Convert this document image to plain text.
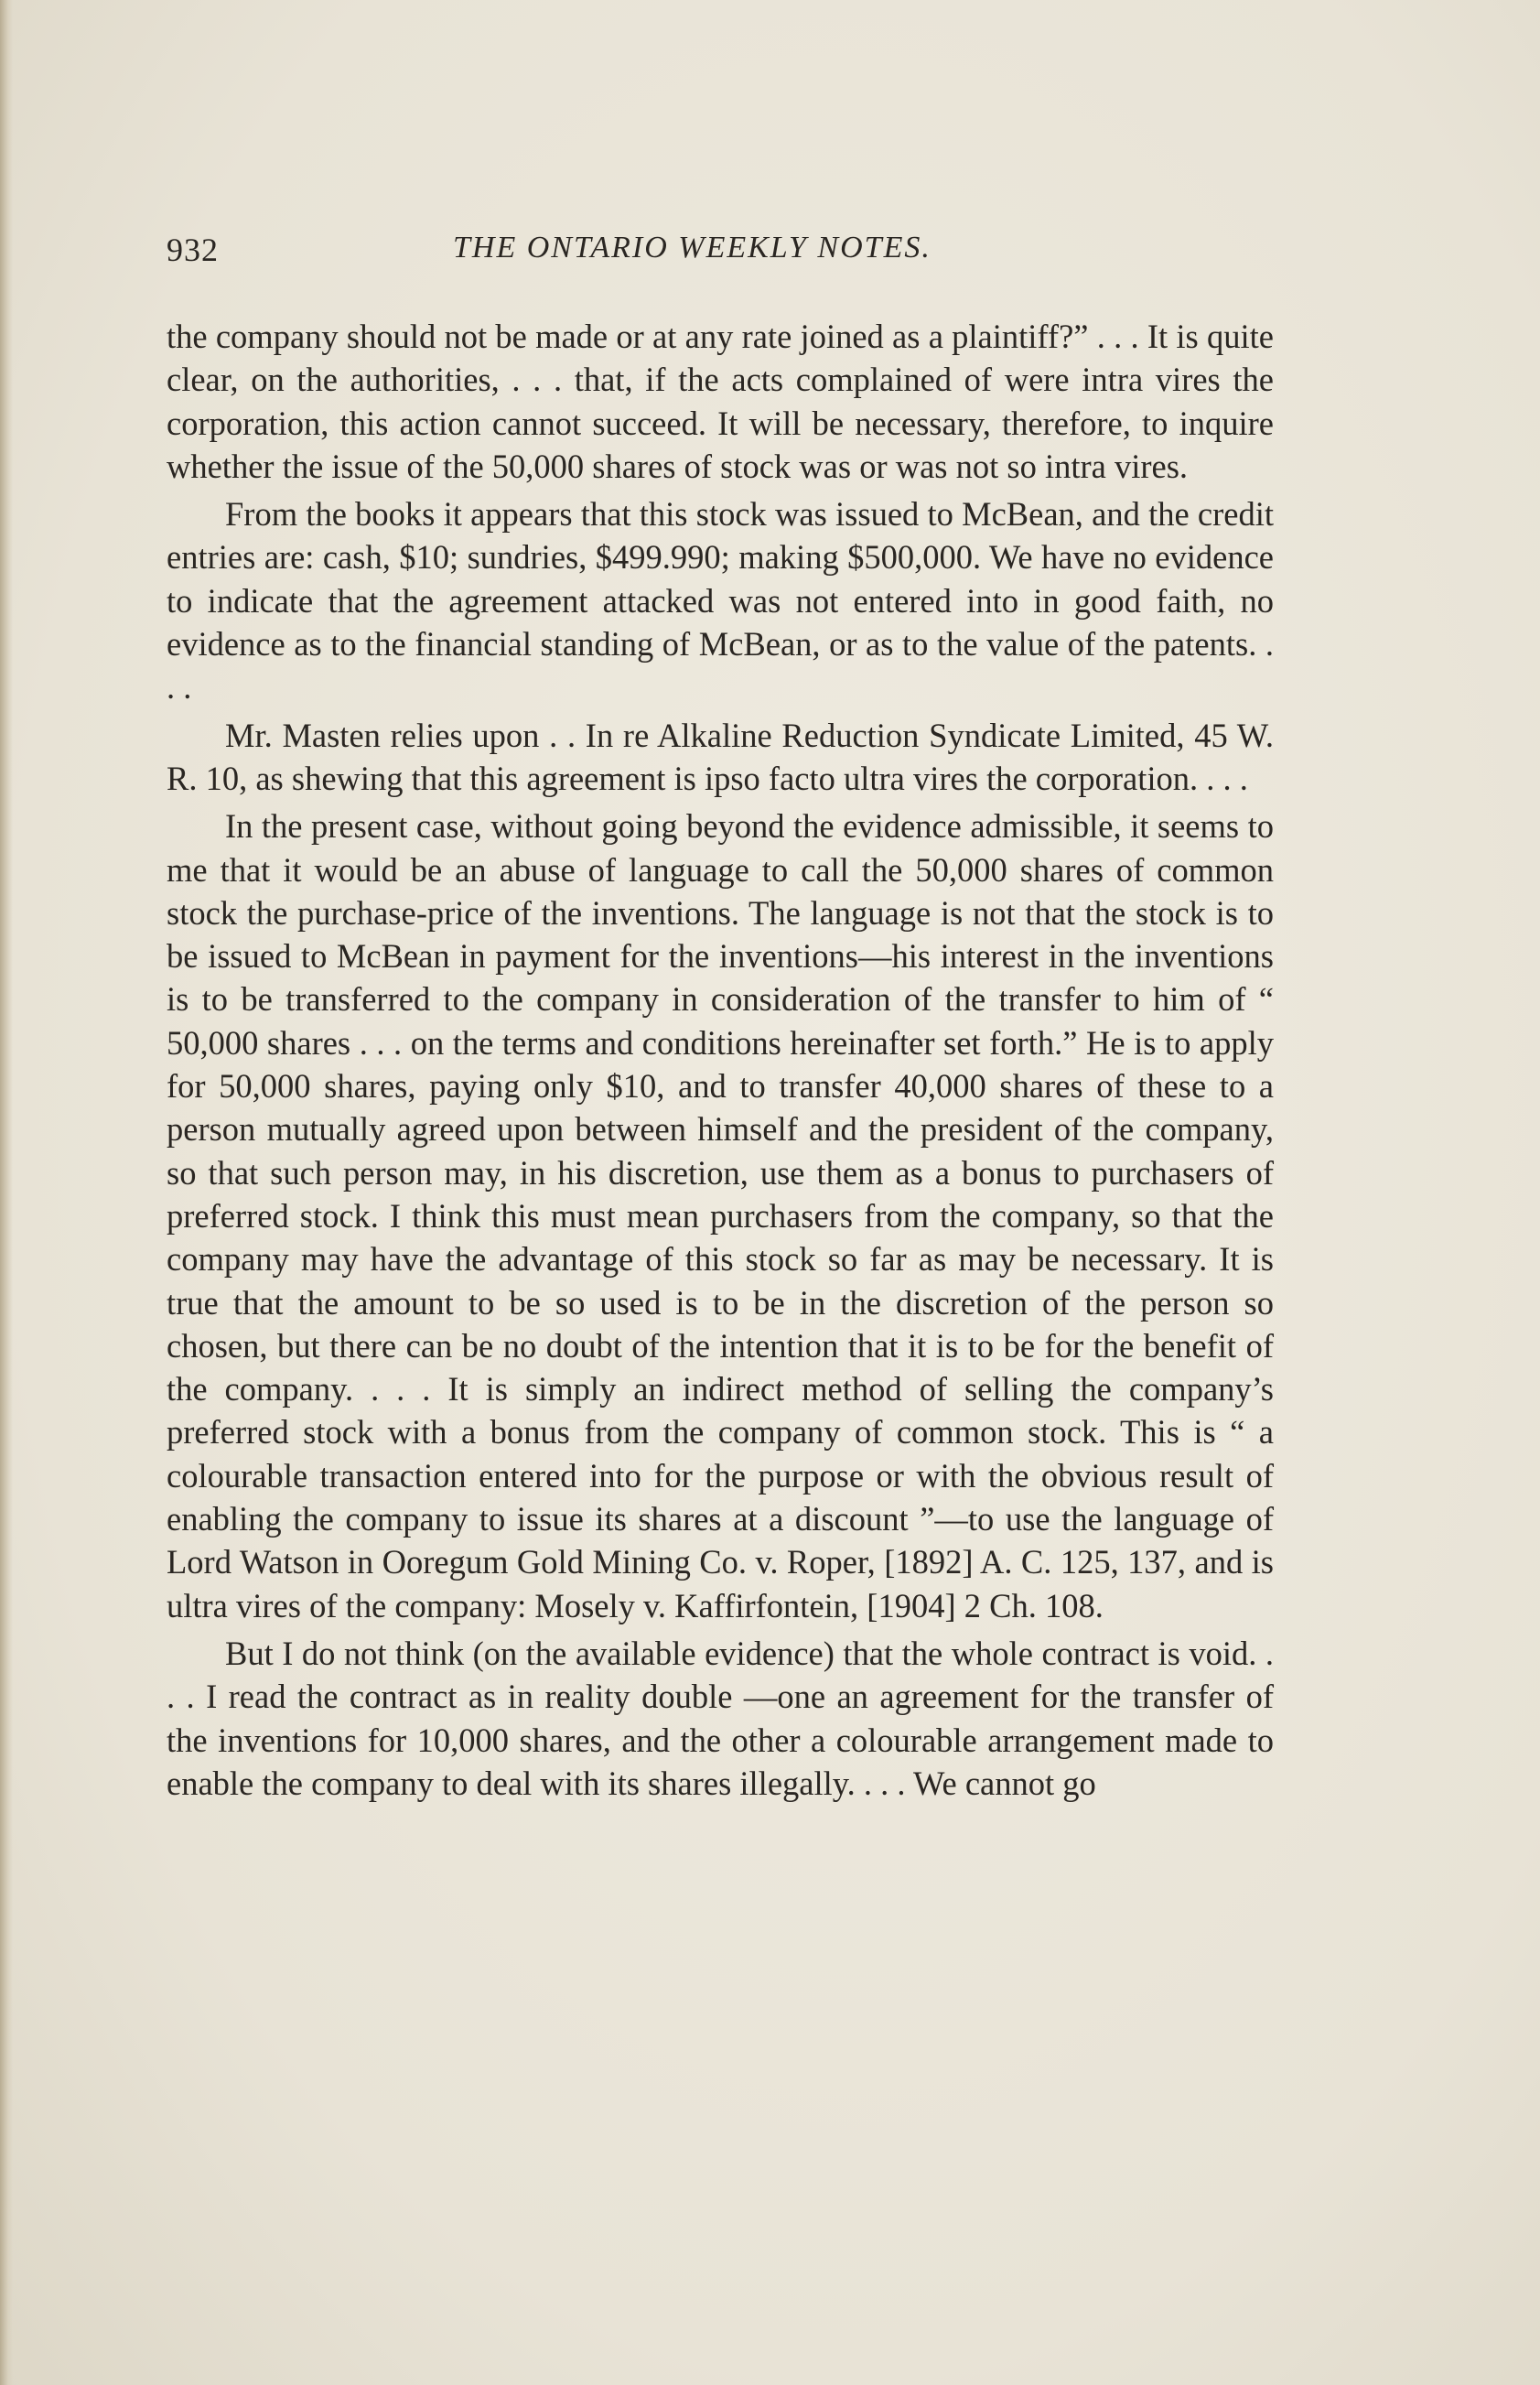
932	THE ONTARIO WEEKLY NOTES.

the company should not be made or at any rate joined as a plaintiff?” . . . It is quite clear, on the authorities, . . . that, if the acts complained of were intra vires the corporation, this action cannot succeed. It will be necessary, therefore, to inquire whether the issue of the 50,000 shares of stock was or was not so intra vires.

From the books it appears that this stock was issued to McBean, and the credit entries are: cash, $10; sundries, $499.990; making $500,000. We have no evidence to indicate that the agreement attacked was not entered into in good faith, no evidence as to the financial standing of McBean, or as to the value of the patents. . . .

Mr. Masten relies upon . . In re Alkaline Reduction Syndicate Limited, 45 W. R. 10, as shewing that this agreement is ipso facto ultra vires the corporation. . . .

In the present case, without going beyond the evidence admissible, it seems to me that it would be an abuse of language to call the 50,000 shares of common stock the purchase-price of the inventions. The language is not that the stock is to be issued to McBean in payment for the inventions—his interest in the inventions is to be transferred to the company in consideration of the transfer to him of “ 50,000 shares . . . on the terms and conditions hereinafter set forth.” He is to apply for 50,000 shares, paying only $10, and to transfer 40,000 shares of these to a person mutually agreed upon between himself and the president of the company, so that such person may, in his discretion, use them as a bonus to purchasers of preferred stock. I think this must mean purchasers from the company, so that the company may have the advantage of this stock so far as may be necessary. It is true that the amount to be so used is to be in the discretion of the person so chosen, but there can be no doubt of the intention that it is to be for the benefit of the company. . . . It is simply an indirect method of selling the company’s preferred stock with a bonus from the company of common stock. This is “ a colourable transaction entered into for the purpose or with the obvious result of enabling the company to issue its shares at a discount ”—to use the language of Lord Watson in Ooregum Gold Mining Co. v. Roper, [1892] A. C. 125, 137, and is ultra vires of the company: Mosely v. Kaffirfontein, [1904] 2 Ch. 108.

But I do not think (on the available evidence) that the whole contract is void. . . . I read the contract as in reality double —one an agreement for the transfer of the inventions for 10,000 shares, and the other a colourable arrangement made to enable the company to deal with its shares illegally. . . . We cannot go
